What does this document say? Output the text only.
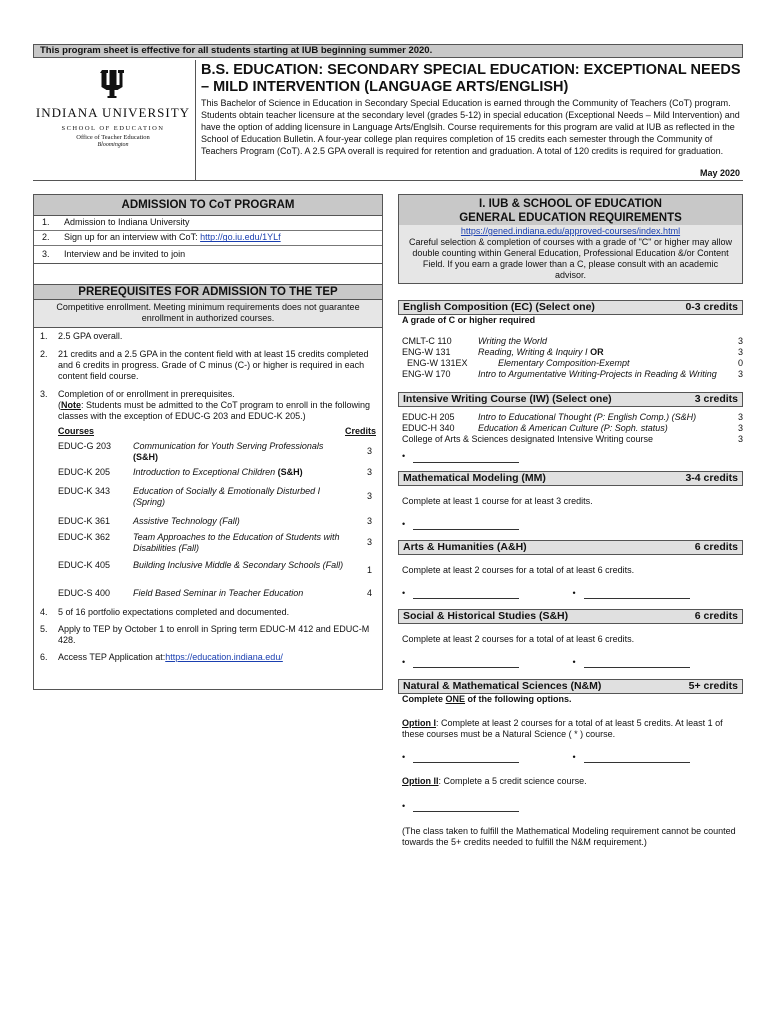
This program sheet is effective for all students starting at IUB beginning summer 2020.
INDIANA UNIVERSITY
SCHOOL OF EDUCATION
Office of Teacher Education
Bloomington
B.S. EDUCATION: SECONDARY SPECIAL EDUCATION: EXCEPTIONAL NEEDS – MILD INTERVENTION (LANGUAGE ARTS/ENGLISH)
This Bachelor of Science in Education in Secondary Special Education is earned through the Community of Teachers (CoT) program. Students obtain teacher licensure at the secondary level (grades 5-12) in special education (Exceptional Needs – Mild Intervention) and have the option of adding licensure in Language Arts/Englsih. Course requirements for this program are valid at IUB as reflected in the School of Education Bulletin. A four-year college plan requires completion of 15 credits each semester through the Community of Teachers Program (CoT). A 2.5 GPA overall is required for retention and graduation. A total of 120 credits is required for graduation.
May 2020
ADMISSION TO CoT PROGRAM
1.	Admission to Indiana University
2.	Sign up for an interview with CoT:
http://go.iu.edu/1YLf
3.	Interview and be invited to join
PREREQUISITES FOR ADMISSION TO THE TEP
Competitive enrollment. Meeting minimum requirements does not guarantee enrollment in authorized courses.
1.	2.5 GPA overall.
2.	21 credits and a 2.5 GPA in the content field with at least 15 credits completed and 6 credits in progress. Grade of C minus (C-) or higher is required in each content field course.
3.	Completion of or enrollment in prerequisites.
(Note: Students must be admitted to the CoT program to enroll in the following classes with the exception of EDUC-G 203 and EDUC-K 205.)
Courses	Credits
EDUC-G 203	Communication for Youth Serving Professionals
(S&H)
3
EDUC-K 205	Introduction to Exceptional Children (S&H)	3
EDUC-K 343	Education of Socially & Emotionally Disturbed I (Spring)
3
EDUC-K 361	Assistive Technology (Fall)	3
EDUC-K 362	Team Approaches to the Education of Students with Disabilities (Fall)
3
EDUC-K 405	Building Inclusive Middle & Secondary Schools (Fall)	1
EDUC-S 400	Field Based Seminar in Teacher Education	4
4.	5 of 16 portfolio expectations completed and documented.
5.	Apply to TEP by October 1 to enroll in Spring term EDUC-M 412 and EDUC-M 428.
6.	Access TEP Application at: https://education.indiana.edu/
I. IUB & SCHOOL OF EDUCATION
GENERAL EDUCATION REQUIREMENTS
https://gened.indiana.edu/approved-courses/index.html
Careful selection & completion of courses with a grade of "C" or higher may allow double counting within General Education, Professional Education &/or Content Field. If you earn a grade lower than a C, please consult with an academic advisor.
English Composition (EC) (Select one)	0-3 credits
A grade of C or higher required
CMLT-C 110	Writing the World	3
ENG-W 131	Reading, Writing & Inquiry I OR	3
ENG-W 131EX	Elementary Composition-Exempt	0
ENG-W 170	Intro to Argumentative Writing-Projects in Reading & Writing	3
Intensive Writing Course (IW) (Select one)	3 credits
EDUC-H 205	Intro to Educational Thought (P: English Comp.) (S&H)	3
EDUC-H 340	Education & American Culture (P: Soph. status)	3
College of Arts & Sciences designated Intensive Writing course	3
•
Mathematical Modeling (MM)	3-4 credits
Complete at least 1 course for at least 3 credits.
•
Arts & Humanities (A&H)	6 credits
Complete at least 2 courses for a total of at least 6 credits.
•	•
Social & Historical Studies (S&H)	6 credits
Complete at least 2 courses for a total of at least 6 credits.
•	•
Natural & Mathematical Sciences (N&M)	5+ credits
Complete ONE of the following options.
Option I: Complete at least 2 courses for a total of at least 5 credits. At least 1 of these courses must be a Natural Science ( * ) course.
•	•
Option II: Complete a 5 credit science course.
•
(The class taken to fulfill the Mathematical Modeling requirement cannot be counted towards the 5+ credits needed to fulfill the N&M requirement.)
